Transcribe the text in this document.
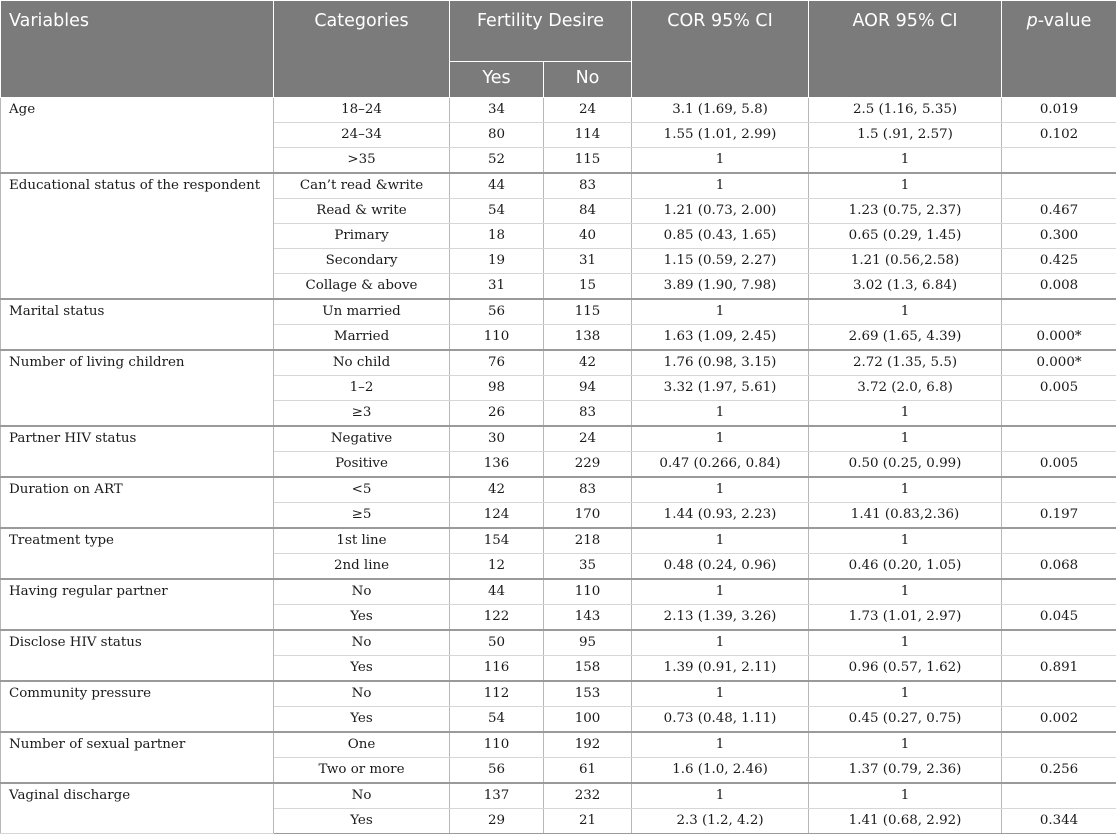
Variables	Categories	Fertility Desire		COR 95% CI	AOR 95% CI	p-value
		Yes	No			
Age	18–24	34	24	3.1 (1.69, 5.8)	2.5 (1.16, 5.35)	0.019
	24–34	80	114	1.55 (1.01, 2.99)	1.5 (.91, 2.57)	0.102
	>35	52	115	1	1	
Educational status of the respondent	Can’t read &write	44	83	1	1	
	Read & write	54	84	1.21 (0.73, 2.00)	1.23 (0.75, 2.37)	0.467
	Primary	18	40	0.85 (0.43, 1.65)	0.65 (0.29, 1.45)	0.300
	Secondary	19	31	1.15 (0.59, 2.27)	1.21 (0.56,2.58)	0.425
	Collage & above	31	15	3.89 (1.90, 7.98)	3.02 (1.3, 6.84)	0.008
Marital status	Un married	56	115	1	1	
	Married	110	138	1.63 (1.09, 2.45)	2.69 (1.65, 4.39)	0.000*
Number of living children	No child	76	42	1.76 (0.98, 3.15)	2.72 (1.35, 5.5)	0.000*
	1–2	98	94	3.32 (1.97, 5.61)	3.72 (2.0, 6.8)	0.005
	≥3	26	83	1	1	
Partner HIV status	Negative	30	24	1	1	
	Positive	136	229	0.47 (0.266, 0.84)	0.50 (0.25, 0.99)	0.005
Duration on ART	<5	42	83	1	1	
	≥5	124	170	1.44 (0.93, 2.23)	1.41 (0.83,2.36)	0.197
Treatment type	1st line	154	218	1	1	
	2nd line	12	35	0.48 (0.24, 0.96)	0.46 (0.20, 1.05)	0.068
Having regular partner	No	44	110	1	1	
	Yes	122	143	2.13 (1.39, 3.26)	1.73 (1.01, 2.97)	0.045
Disclose HIV status	No	50	95	1	1	
	Yes	116	158	1.39 (0.91, 2.11)	0.96 (0.57, 1.62)	0.891
Community pressure	No	112	153	1	1	
	Yes	54	100	0.73 (0.48, 1.11)	0.45 (0.27, 0.75)	0.002
Number of sexual partner	One	110	192	1	1	
	Two or more	56	61	1.6 (1.0, 2.46)	1.37 (0.79, 2.36)	0.256
Vaginal discharge	No	137	232	1	1	
	Yes	29	21	2.3 (1.2, 4.2)	1.41 (0.68, 2.92)	0.344
